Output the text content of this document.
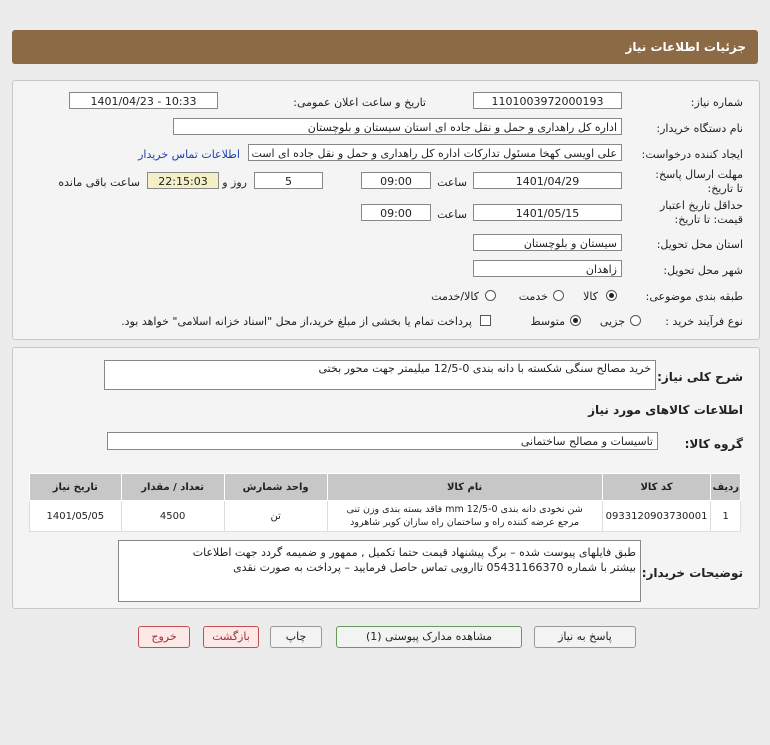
جزئیات اطلاعات نیاز
شماره نیاز:
1101003972000193
تاریخ و ساعت اعلان عمومی:
1401/04/23 - 10:33
نام دستگاه خریدار:
اداره کل راهداری و حمل و نقل جاده ای استان سیستان و بلوچستان
ایجاد کننده درخواست:
علی اویسی کهخا مسئول تدارکات اداره کل راهداری و حمل و نقل جاده ای است
اطلاعات تماس خریدار
مهلت ارسال پاسخ: تا تاریخ:
1401/04/29
ساعت
09:00
5
روز و
22:15:03
ساعت باقی مانده
حداقل تاریخ اعتبار قیمت: تا تاریخ:
1401/05/15
ساعت
09:00
استان محل تحویل:
سیستان و بلوچستان
شهر محل تحویل:
زاهدان
طبقه بندی موضوعی:
کالا
خدمت
کالا/خدمت
نوع فرآیند خرید :
جزیی
متوسط
پرداخت تمام یا بخشی از مبلغ خرید،از محل "اسناد خزانه اسلامی" خواهد بود.
شرح کلی نیاز:
خرید مصالح سنگی شکسته با دانه بندی 0-12/5 میلیمتر جهت محور بختی
اطلاعات کالاهای مورد نیاز
گروه کالا:
تاسیسات و مصالح ساختمانی
ردیف	کد کالا	نام کالا	واحد شمارش	تعداد / مقدار	تاریخ نیاز
1	0933120903730001	شن نخودی دانه بندی mm 12/5-0 فاقد بسته بندی وزن تنی
مرجع عرضه کننده راه و ساختمان راه سازان کویر شاهرود	تن	4500	1401/05/05
توضیحات خریدار:
طبق فایلهای پیوست شده – برگ پیشنهاد قیمت حتما تکمیل , ممهور و ضمیمه گردد جهت اطلاعات
بیشتر با شماره 05431166370 تاارویی تماس حاصل فرمایید – پرداخت به صورت نقدی
پاسخ به نیاز
مشاهده مدارک پیوستی (1)
چاپ
بازگشت
خروج
